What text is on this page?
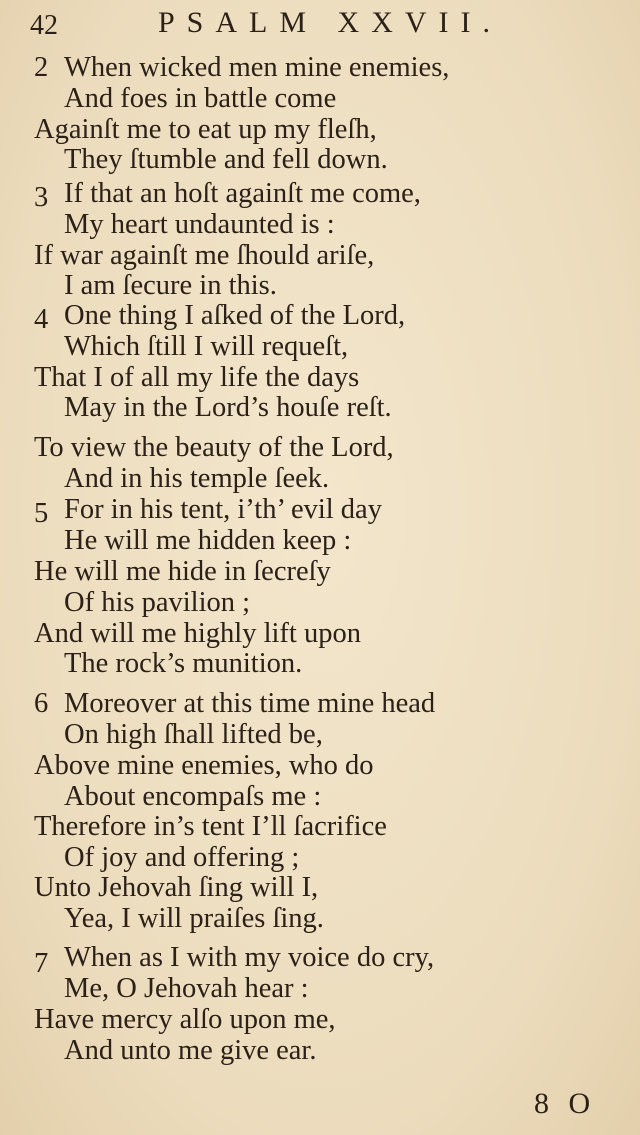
42	PSALM XXVII.
2 When wicked men mine enemies,
And foes in battle come
Againſt me to eat up my fleſh,
They ſtumble and fell down.
3 If that an hoſt againſt me come,
My heart undaunted is :
If war againſt me ſhould ariſe,
I am ſecure in this.
4 One thing I aſked of the Lord,
Which ſtill I will requeſt,
That I of all my life the days
May in the Lord’s houſe reſt.
To view the beauty of the Lord,
And in his temple ſeek.
5 For in his tent, i’th’ evil day
He will me hidden keep :
He will me hide in ſecreſy
Of his pavilion ;
And will me highly lift upon
The rock’s munition.
6 Moreover at this time mine head
On high ſhall lifted be,
Above mine enemies, who do
About encompaſs me :
Therefore in’s tent I’ll ſacrifice
Of joy and offering ;
Unto Jehovah ſing will I,
Yea, I will praiſes ſing.
7 When as I with my voice do cry,
Me, O Jehovah hear :
Have mercy alſo upon me,
And unto me give ear.
8 O
